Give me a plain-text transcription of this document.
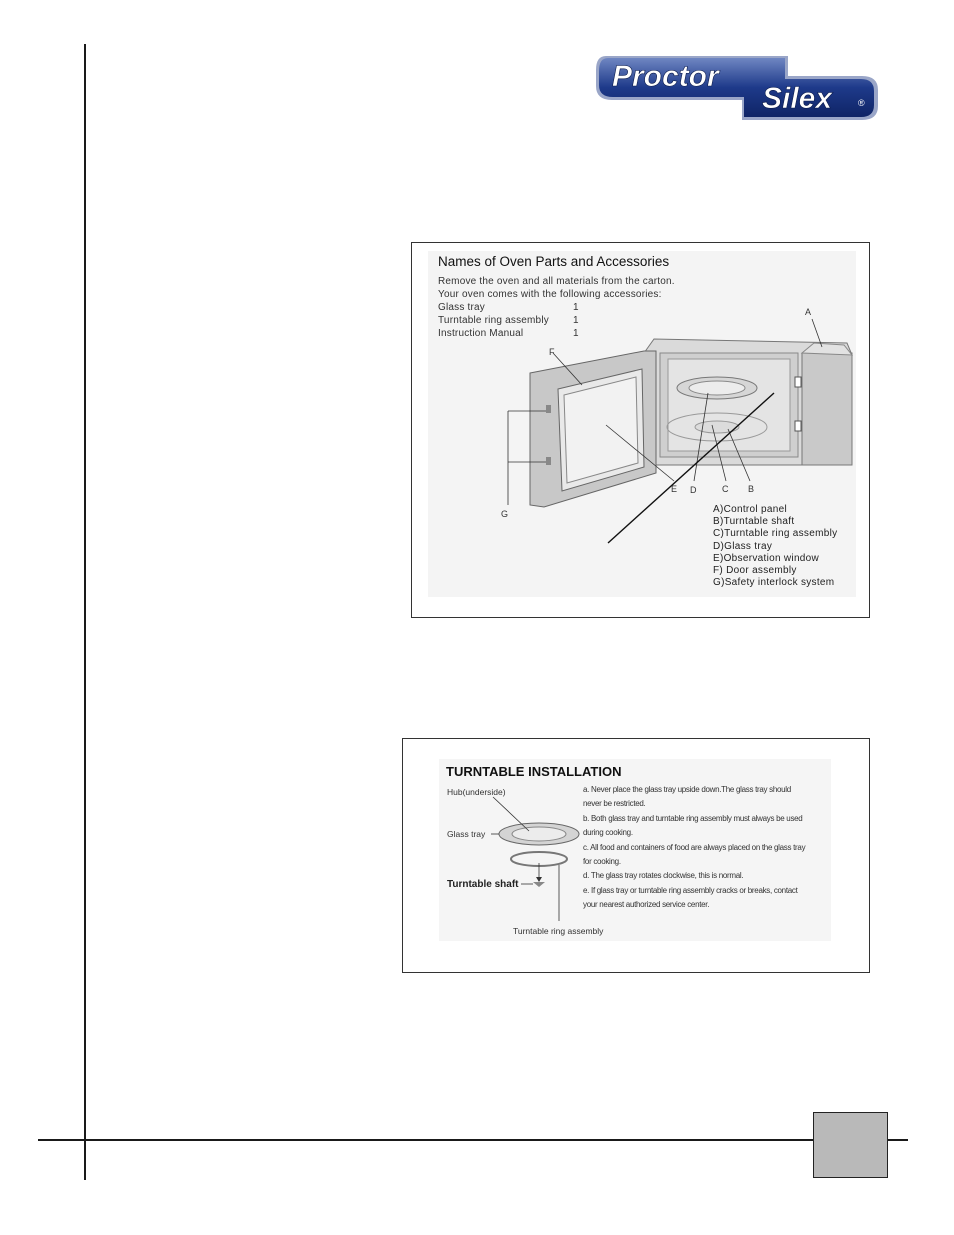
Proctor
Silex	®
A
F
E D	C B
G
Names of Oven Parts and Accessories
Remove the oven and all materials from the carton.
Your oven comes with the following accessories:
Glass tray	1
Turntable ring assembly	1
Instruction Manual	1
A)Control panel
B)Turntable shaft
C)Turntable ring assembly
D)Glass tray
E)Observation window
F) Door assembly
G)Safety interlock system
Hub(underside)
Glass tray
Turntable shaft
Turntable ring assembly
TURNTABLE INSTALLATION
a. Never place the glass tray upside down.The glass tray should never be restricted.
b. Both glass tray and turntable ring assembly must always be used during cooking.
c. All food and containers of food are always placed on the glass tray for cooking.
d. The glass tray rotates clockwise, this is normal.
e. If glass tray or turntable ring assembly cracks or breaks, contact your nearest authorized service center.
